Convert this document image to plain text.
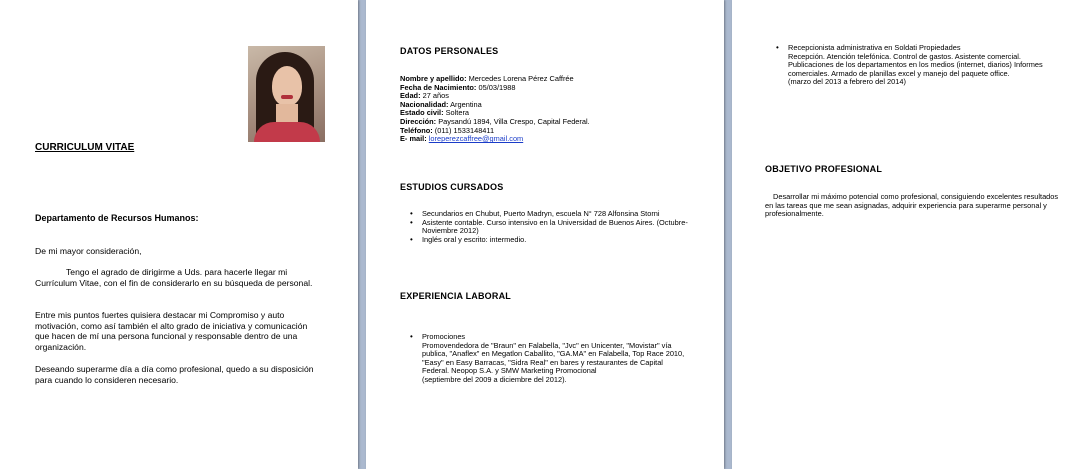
CURRICULUM VITAE
Departamento de Recursos Humanos:
De mi mayor consideración,
Tengo el agrado de dirigirme a Uds. para hacerle llegar mi Currículum Vitae, con el fin de considerarlo en su búsqueda de personal.
Entre mis puntos fuertes quisiera destacar mi Compromiso y auto motivación, como así también el alto grado de iniciativa y comunicación que hacen de mí una persona funcional y responsable dentro de una organización.
Deseando superarme día a día como profesional, quedo a su disposición para cuando lo consideren necesario.
DATOS PERSONALES
Nombre y apellido: Mercedes Lorena Pérez Caffrée
Fecha de Nacimiento: 05/03/1988
Edad: 27 años
Nacionalidad: Argentina
Estado civil: Soltera
Dirección: Paysandú 1894, Villa Crespo, Capital Federal.
Teléfono: (011) 1533148411
E- mail: loreperezcaffree@gmail.com
ESTUDIOS CURSADOS
• Secundarios en Chubut, Puerto Madryn, escuela N° 728 Alfonsina Storni
• Asistente contable. Curso intensivo en la Universidad de Buenos Aires. (Octubre- Noviembre 2012)
• Inglés oral y escrito: intermedio.
EXPERIENCIA LABORAL
• Promociones
Promovendedora de "Braun" en Falabella, "Jvc" en Unicenter, "Movistar" vía publica, "Anaflex" en Megatlon Caballito, "GA.MA" en Falabella, Top Race 2010, "Easy" en Easy Barracas, "Sidra Real" en bares y restaurantes de Capital Federal. Neopop S.A. y SMW Marketing Promocional
(septiembre del 2009 a diciembre del 2012).
• Recepcionista administrativa en Soldati Propiedades
Recepción. Atención telefónica. Control de gastos. Asistente comercial. Publicaciones de los departamentos en los medios (internet, diarios) Informes comerciales. Armado de planillas excel y manejo del paquete office.
(marzo del 2013 a febrero del 2014)
OBJETIVO PROFESIONAL
Desarrollar mi máximo potencial como profesional, consiguiendo excelentes resultados en las tareas que me sean asignadas, adquirir experiencia para superarme personal y profesionalmente.
